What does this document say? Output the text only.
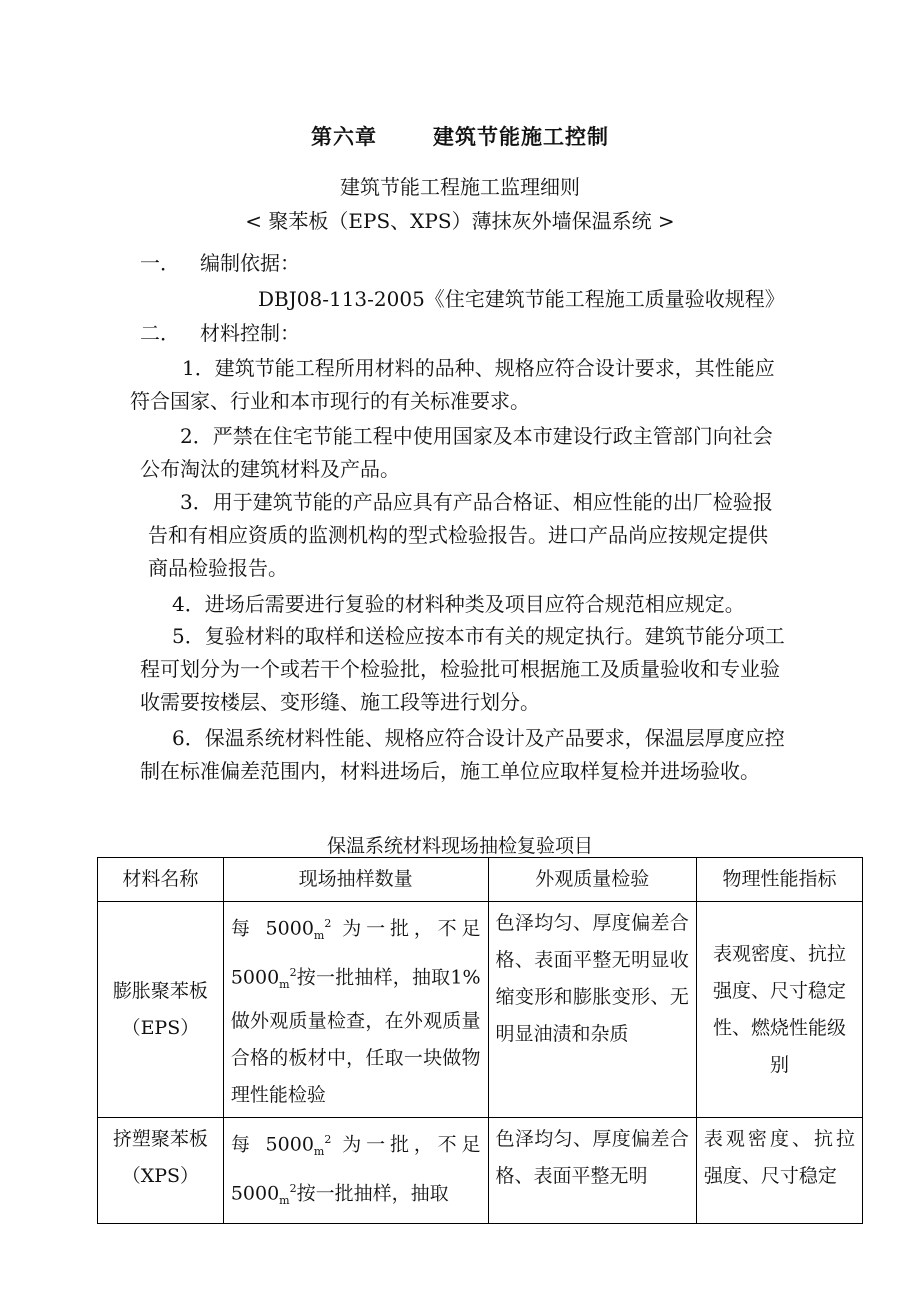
第六章	建筑节能施工控制
建筑节能工程施工监理细则
< 聚苯板（EPS、XPS）薄抹灰外墙保温系统 >
一． 编制依据：
DBJ08-113-2005《住宅建筑节能工程施工质量验收规程》
二． 材料控制：
1．建筑节能工程所用材料的品种、规格应符合设计要求，其性能应符合国家、行业和本市现行的有关标准要求。
2．严禁在住宅节能工程中使用国家及本市建设行政主管部门向社会公布淘汰的建筑材料及产品。
3．用于建筑节能的产品应具有产品合格证、相应性能的出厂检验报告和有相应资质的监测机构的型式检验报告。进口产品尚应按规定提供商品检验报告。
4．进场后需要进行复验的材料种类及项目应符合规范相应规定。
5．复验材料的取样和送检应按本市有关的规定执行。建筑节能分项工程可划分为一个或若干个检验批，检验批可根据施工及质量验收和专业验收需要按楼层、变形缝、施工段等进行划分。
6．保温系统材料性能、规格应符合设计及产品要求，保温层厚度应控制在标准偏差范围内，材料进场后，施工单位应取样复检并进场验收。
保温系统材料现场抽检复验项目
材料名称	现场抽样数量	外观质量检验	物理性能指标
膨胀聚苯板（EPS）	每 $5000_m^2$ 为一批，不足 $5000_m^2$按一批抽样，抽取1%做外观质量检查，在外观质量合格的板材中，任取一块做物理性能检验	色泽均匀、厚度偏差合格、表面平整无明显收缩变形和膨胀变形、无明显油渍和杂质	表观密度、抗拉强度、尺寸稳定性、燃烧性能级别
挤塑聚苯板（XPS）	每 $5000_m^2$ 为一批，不足 $5000_m^2$按一批抽样，抽取	色泽均匀、厚度偏差合格、表面平整无明	表观密度、抗拉强度、尺寸稳定
